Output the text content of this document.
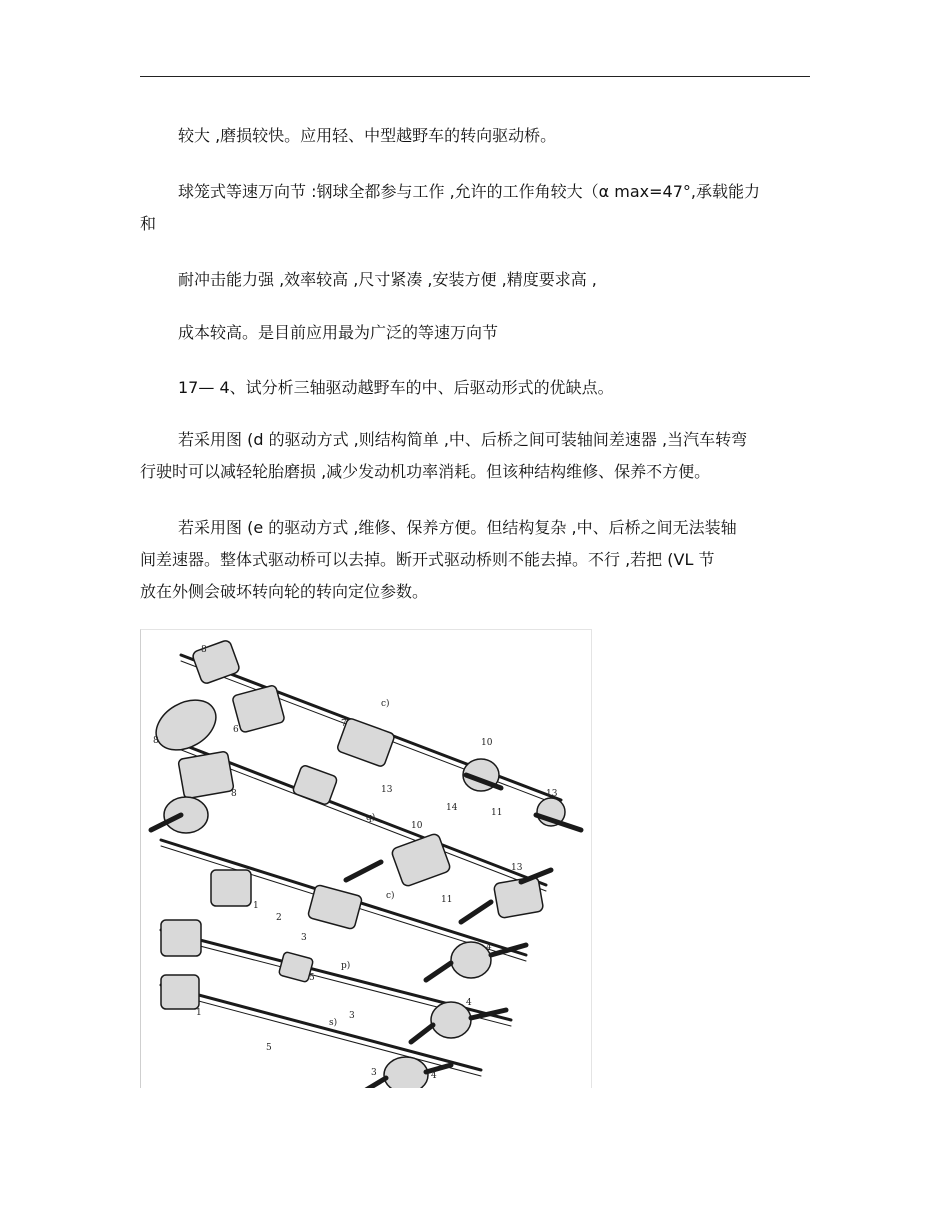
较大 ,磨损较快。应用轻、中型越野车的转向驱动桥。

球笼式等速万向节 :钢球全都参与工作 ,允许的工作角较大（α max=47°,承载能力

和

耐冲击能力强 ,效率较高 ,尺寸紧凑 ,安装方便 ,精度要求高 ,

成本较高。是目前应用最为广泛的等速万向节

17— 4、试分析三轴驱动越野车的中、后驱动形式的优缺点。

若采用图 (d 的驱动方式 ,则结构简单 ,中、后桥之间可装轴间差速器 ,当汽车转弯

行驶时可以减轻轮胎磨损 ,减少发动机功率消耗。但该种结构维修、保养不方便。

若采用图 (e 的驱动方式 ,维修、保养方便。但结构复杂 ,中、后桥之间无法装轴

间差速器。整体式驱动桥可以去掉。断开式驱动桥则不能去掉。不行 ,若把 (VL 节

放在外侧会破坏转向轮的转向定位参数。

c)
q)
c)
p)
s)
10
13
14	11
13
10
13
11
8
8
8
6
7
1
2
3
4
5
4
3
1
5
3	4
